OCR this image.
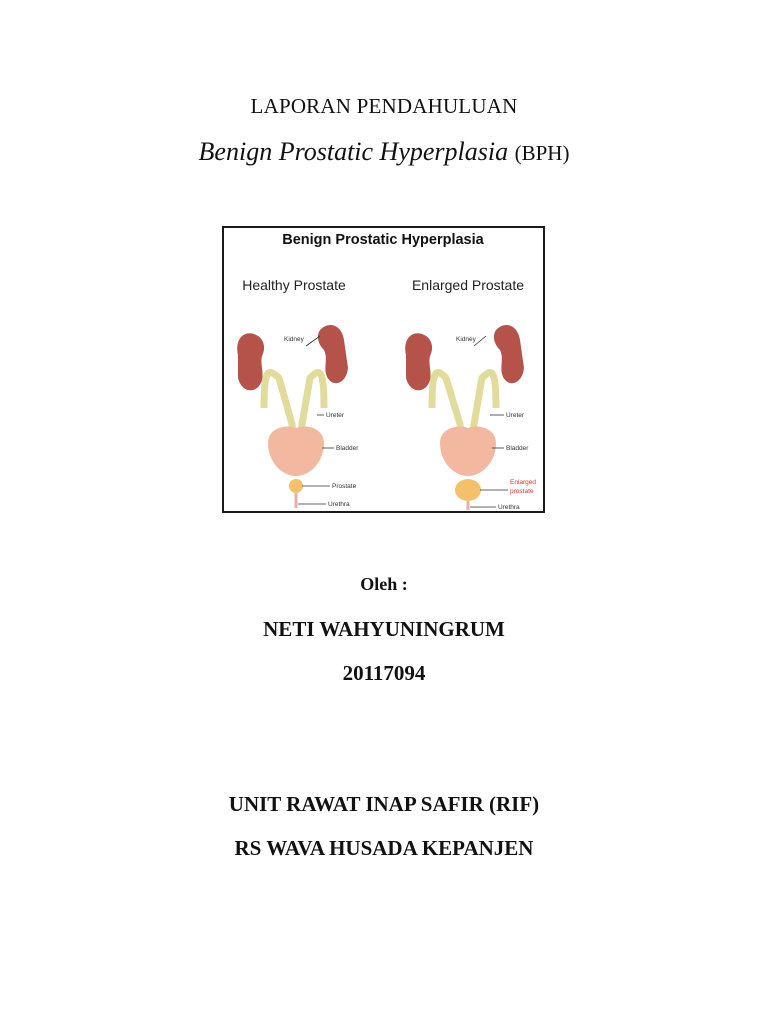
LAPORAN PENDAHULUAN
Benign Prostatic Hyperplasia (BPH)
Benign Prostatic Hyperplasia
Healthy Prostate	Enlarged Prostate
Kidney
Ureter
Bladder
Prostate
Urethra
Kidney
Ureter
Bladder
Enlarged
prostate
Urethra
Oleh :
NETI WAHYUNINGRUM
20117094
UNIT RAWAT INAP SAFIR (RIF)
RS WAVA HUSADA KEPANJEN
